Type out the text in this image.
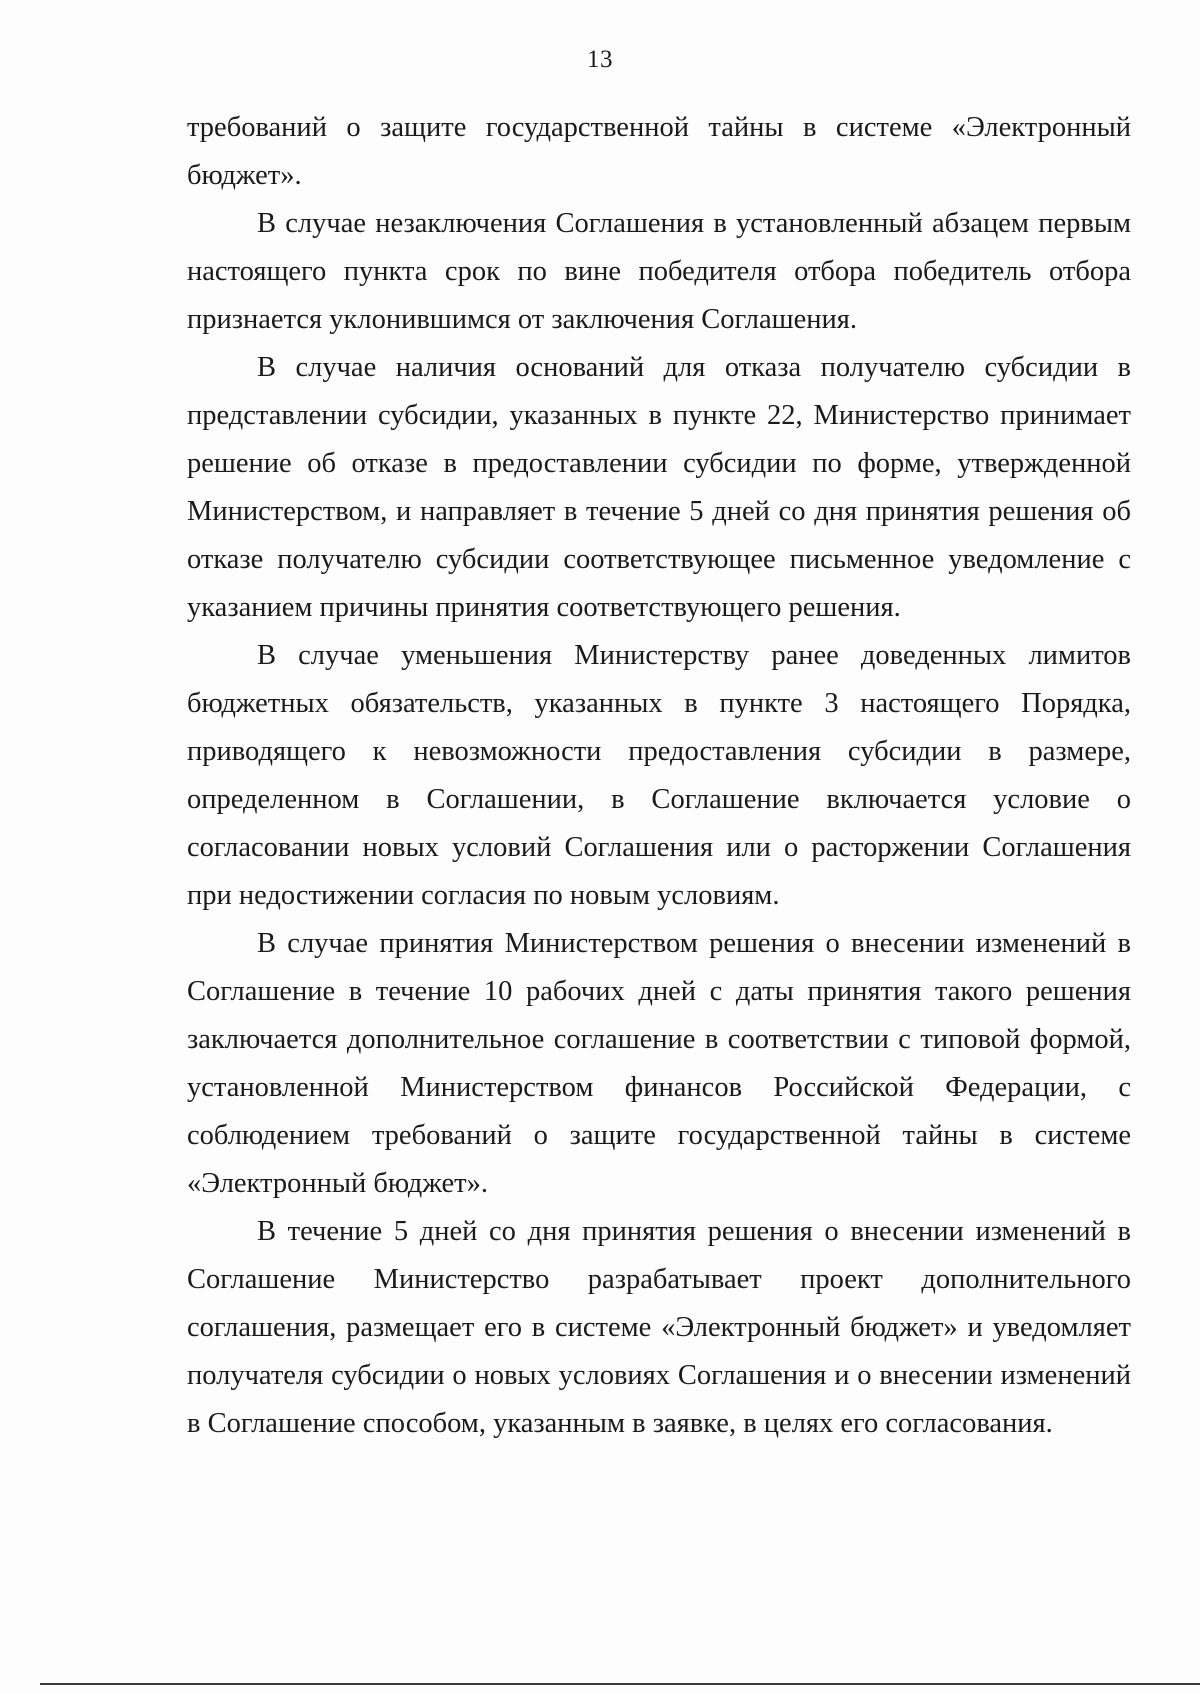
13

требований о защите государственной тайны в системе «Электронный бюджет».

В случае незаключения Соглашения в установленный абзацем первым настоящего пункта срок по вине победителя отбора победитель отбора признается уклонившимся от заключения Соглашения.

В случае наличия оснований для отказа получателю субсидии в представлении субсидии, указанных в пункте 22, Министерство принимает решение об отказе в предоставлении субсидии по форме, утвержденной Министерством, и направляет в течение 5 дней со дня принятия решения об отказе получателю субсидии соответствующее письменное уведомление с указанием причины принятия соответствующего решения.

В случае уменьшения Министерству ранее доведенных лимитов бюджетных обязательств, указанных в пункте 3 настоящего Порядка, приводящего к невозможности предоставления субсидии в размере, определенном в Соглашении, в Соглашение включается условие о согласовании новых условий Соглашения или о расторжении Соглашения при недостижении согласия по новым условиям.

В случае принятия Министерством решения о внесении изменений в Соглашение в течение 10 рабочих дней с даты принятия такого решения заключается дополнительное соглашение в соответствии с типовой формой, установленной Министерством финансов Российской Федерации, с соблюдением требований о защите государственной тайны в системе «Электронный бюджет».

В течение 5 дней со дня принятия решения о внесении изменений в Соглашение Министерство разрабатывает проект дополнительного соглашения, размещает его в системе «Электронный бюджет» и уведомляет получателя субсидии о новых условиях Соглашения и о внесении изменений в Соглашение способом, указанным в заявке, в целях его согласования.
